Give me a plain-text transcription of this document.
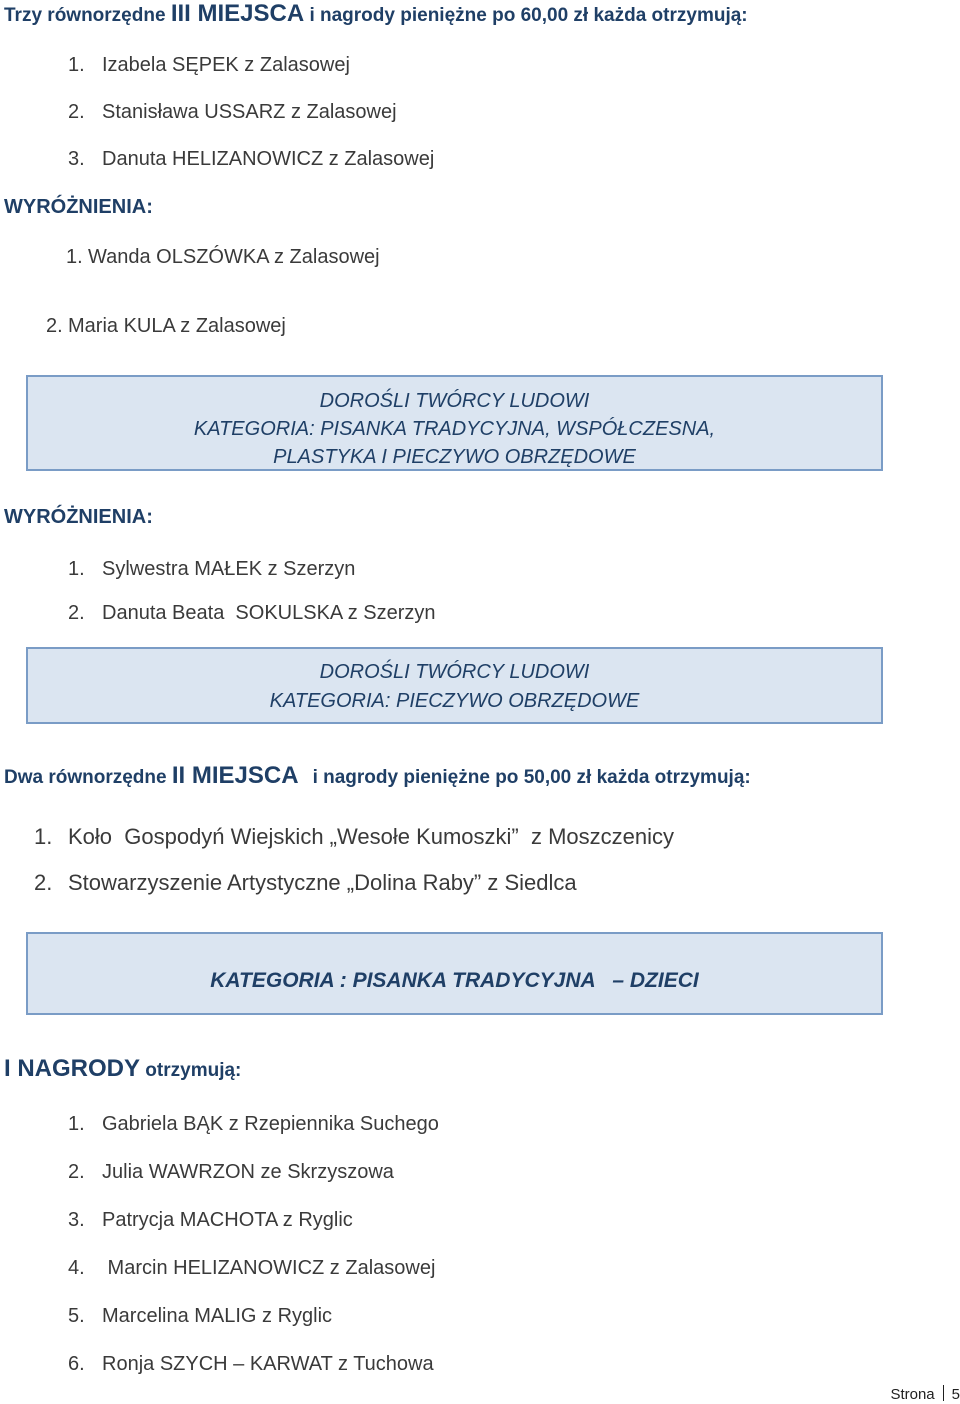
Trzy równorzędne III MIEJSCA i nagrody pieniężne po 60,00 zł każda otrzymują:
1. Izabela SĘPEK z Zalasowej
2. Stanisława USSARZ z Zalasowej
3. Danuta HELIZANOWICZ z Zalasowej
WYRÓŻNIENIA:
1. Wanda OLSZÓWKA z Zalasowej
2. Maria KULA z Zalasowej
DOROŚLI TWÓRCY LUDOWI
KATEGORIA: PISANKA TRADYCYJNA, WSPÓŁCZESNA,
PLASTYKA I PIECZYWO OBRZĘDOWE
WYRÓŻNIENIA:
1. Sylwestra MAŁEK z Szerzyn
2. Danuta Beata  SOKULSKA z Szerzyn
DOROŚLI TWÓRCY LUDOWI
KATEGORIA: PIECZYWO OBRZĘDOWE
Dwa równorzędne II MIEJSCA i nagrody pieniężne po 50,00 zł każda otrzymują:
1. Koło  Gospodyń Wiejskich „Wesołe Kumoszki”  z Moszczenicy
2. Stowarzyszenie Artystyczne „Dolina Raby” z Siedlca
KATEGORIA : PISANKA TRADYCYJNA   – DZIECI
I NAGRODY otrzymują:
1. Gabriela BĄK z Rzepiennika Suchego
2. Julia WAWRZON ze Skrzyszowa
3. Patrycja MACHOTA z Ryglic
4. Marcin HELIZANOWICZ z Zalasowej
5. Marcelina MALIG z Ryglic
6. Ronja SZYCH – KARWAT z Tuchowa
Strona 5
